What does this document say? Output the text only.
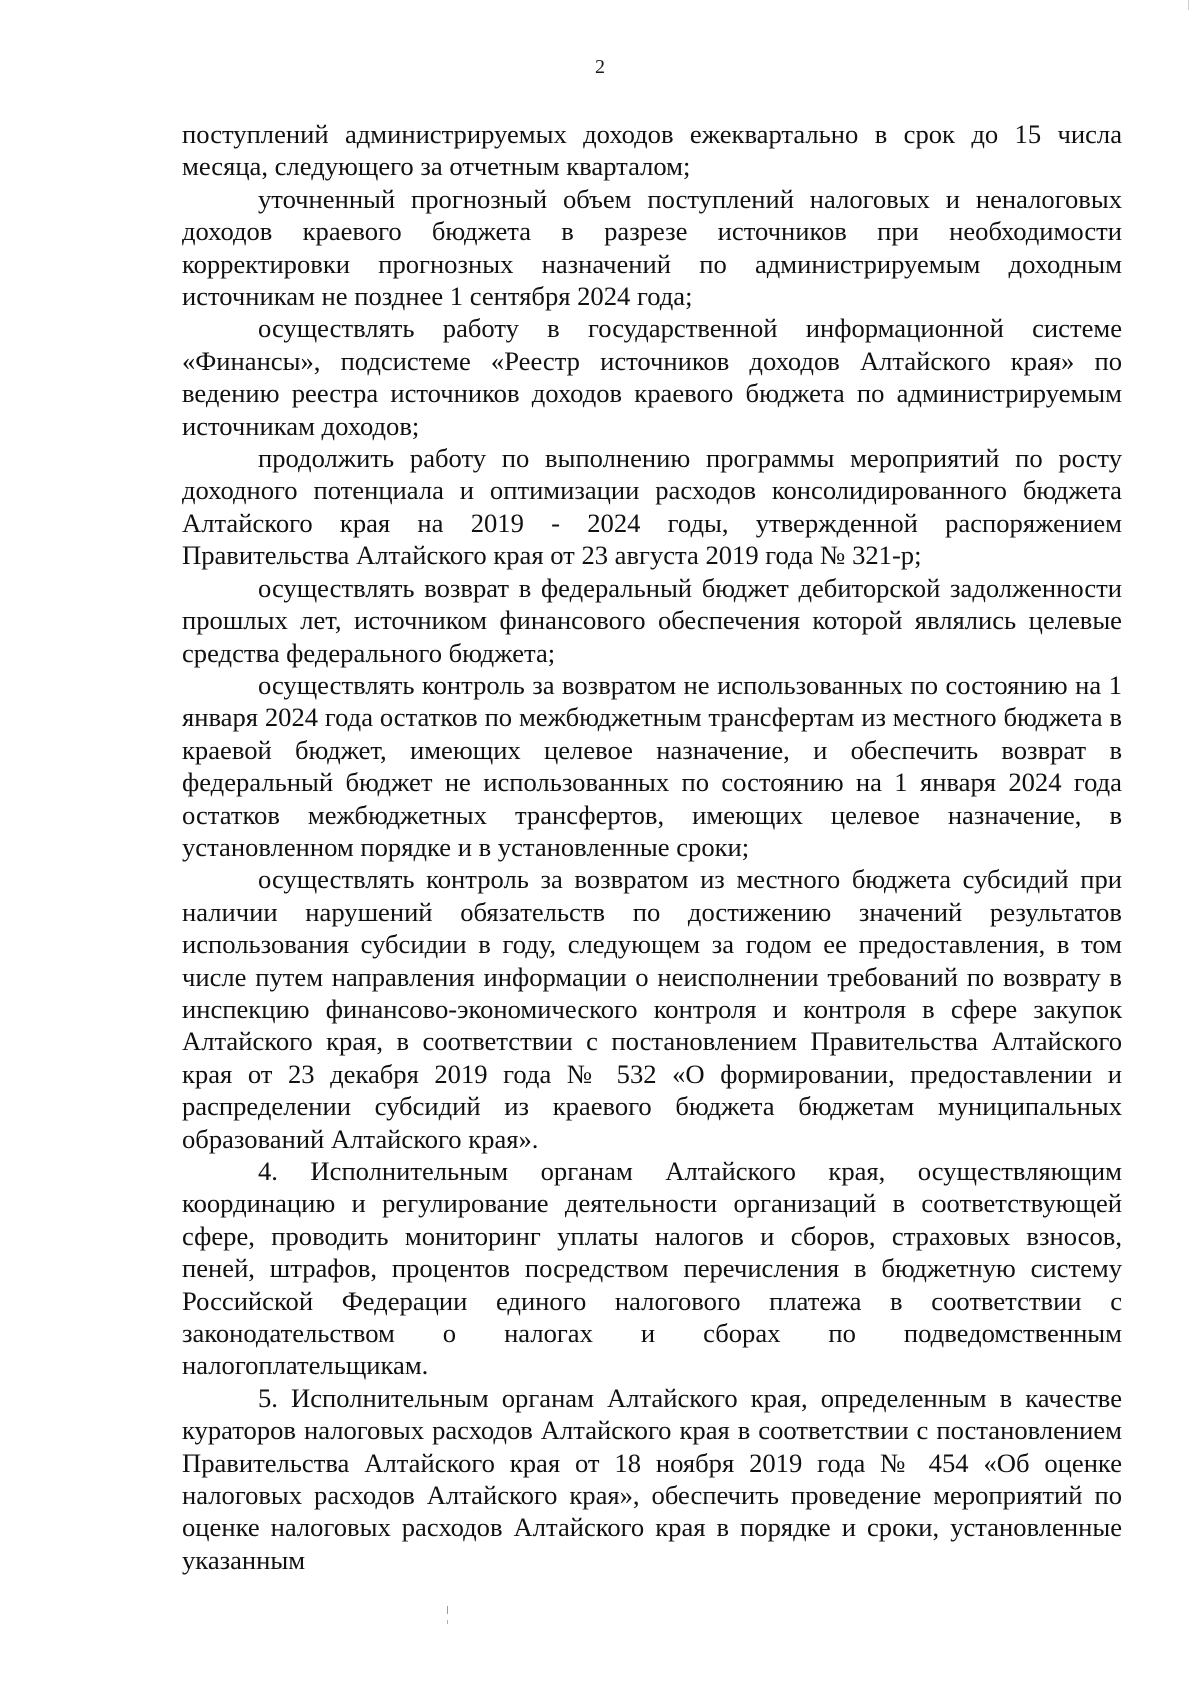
2

поступлений администрируемых доходов ежеквартально в срок до 15 числа месяца, следующего за отчетным кварталом;

уточненный прогнозный объем поступлений налоговых и неналоговых доходов краевого бюджета в разрезе источников при необходимости корректировки прогнозных назначений по администрируемым доходным источникам не позднее 1 сентября 2024 года;

осуществлять работу в государственной информационной системе «Финансы», подсистеме «Реестр источников доходов Алтайского края» по ведению реестра источников доходов краевого бюджета по администрируемым источникам доходов;

продолжить работу по выполнению программы мероприятий по росту доходного потенциала и оптимизации расходов консолидированного бюджета Алтайского края на 2019 - 2024 годы, утвержденной распоряжением Правительства Алтайского края от 23 августа 2019 года № 321-р;

осуществлять возврат в федеральный бюджет дебиторской задолженности прошлых лет, источником финансового обеспечения которой являлись целевые средства федерального бюджета;

осуществлять контроль за возвратом не использованных по состоянию на 1 января 2024 года остатков по межбюджетным трансфертам из местного бюджета в краевой бюджет, имеющих целевое назначение, и обеспечить возврат в федеральный бюджет не использованных по состоянию на 1 января 2024 года остатков межбюджетных трансфертов, имеющих целевое назначение, в установленном порядке и в установленные сроки;

осуществлять контроль за возвратом из местного бюджета субсидий при наличии нарушений обязательств по достижению значений результатов использования субсидии в году, следующем за годом ее предоставления, в том числе путем направления информации о неисполнении требований по возврату в инспекцию финансово-экономического контроля и контроля в сфере закупок Алтайского края, в соответствии с постановлением Правительства Алтайского края от 23 декабря 2019 года № 532 «О формировании, предоставлении и распределении субсидий из краевого бюджета бюджетам муниципальных образований Алтайского края».

4. Исполнительным органам Алтайского края, осуществляющим координацию и регулирование деятельности организаций в соответствующей сфере, проводить мониторинг уплаты налогов и сборов, страховых взносов, пеней, штрафов, процентов посредством перечисления в бюджетную систему Российской Федерации единого налогового платежа в соответствии с законодательством о налогах и сборах по подведомственным налогоплательщикам.

5. Исполнительным органам Алтайского края, определенным в качестве кураторов налоговых расходов Алтайского края в соответствии с постановлением Правительства Алтайского края от 18 ноября 2019 года № 454 «Об оценке налоговых расходов Алтайского края», обеспечить проведение мероприятий по оценке налоговых расходов Алтайского края в порядке и сроки, установленные указанным
